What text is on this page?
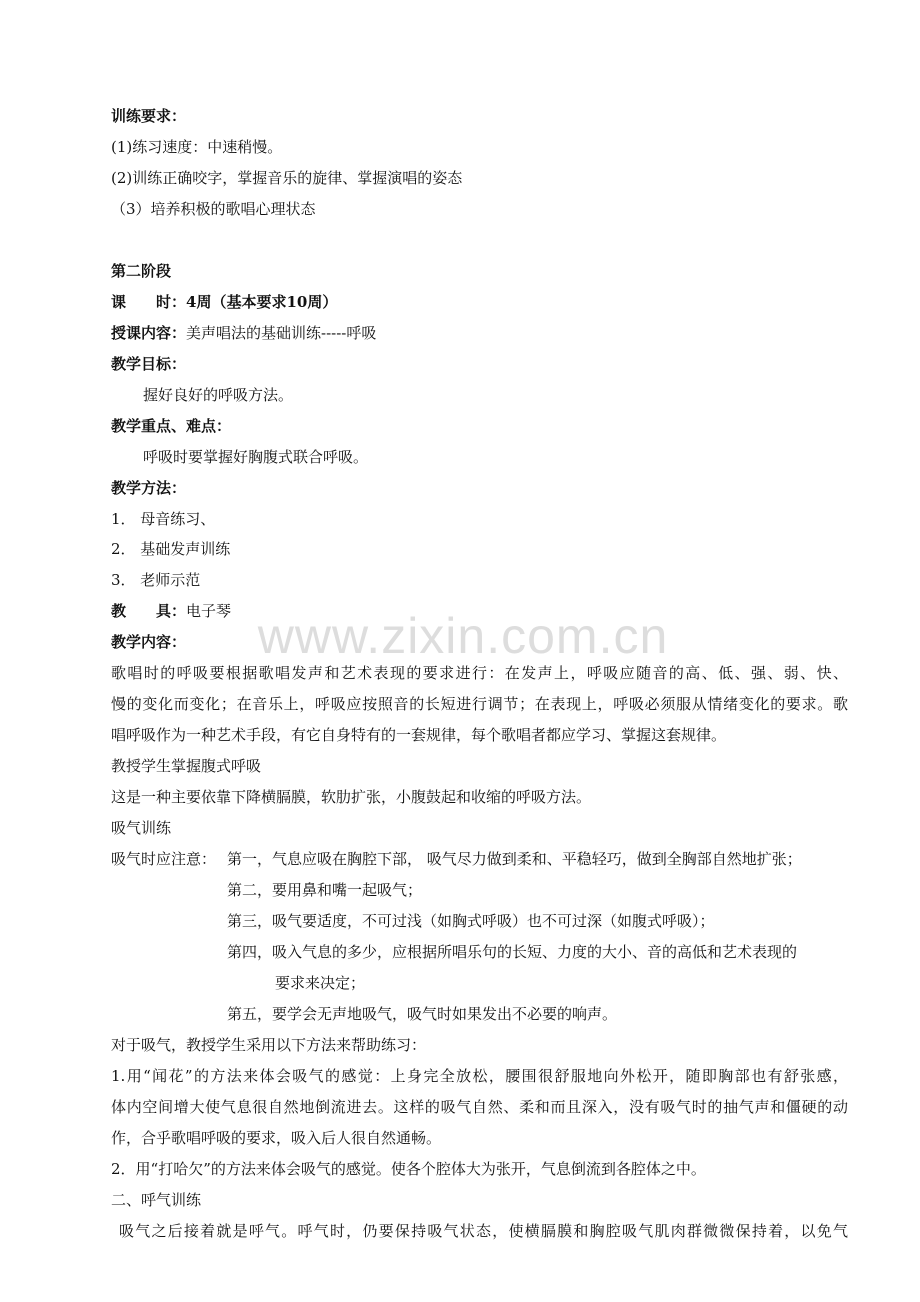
www.zixin.com.cn
训练要求：
(1)练习速度：中速稍慢。
(2)训练正确咬字，掌握音乐的旋律、掌握演唱的姿态
（3）培养积极的歌唱心理状态
第二阶段
课　　时：4周（基本要求10周）
授课内容：美声唱法的基础训练-----呼吸
教学目标：
握好良好的呼吸方法。
教学重点、难点：
呼吸时要掌握好胸腹式联合呼吸。
教学方法：
1． 母音练习、
2． 基础发声训练
3． 老师示范
教　　具：电子琴
教学内容：
歌唱时的呼吸要根据歌唱发声和艺术表现的要求进行：在发声上，呼吸应随音的高、低、强、弱、快、
慢的变化而变化；在音乐上，呼吸应按照音的长短进行调节；在表现上，呼吸必须服从情绪变化的要求。歌
唱呼吸作为一种艺术手段，有它自身特有的一套规律，每个歌唱者都应学习、掌握这套规律。
教授学生掌握腹式呼吸
这是一种主要依靠下降横膈膜，软肋扩张，小腹鼓起和收缩的呼吸方法。
吸气训练
吸气时应注意： 第一，气息应吸在胸腔下部， 吸气尽力做到柔和、平稳轻巧，做到全胸部自然地扩张；
第二，要用鼻和嘴一起吸气；
第三，吸气要适度，不可过浅（如胸式呼吸）也不可过深（如腹式呼吸）；
第四，吸入气息的多少，应根据所唱乐句的长短、力度的大小、音的高低和艺术表现的
要求来决定；
第五，要学会无声地吸气，吸气时如果发出不必要的响声。
对于吸气，教授学生采用以下方法来帮助练习：
1.用“闻花”的方法来体会吸气的感觉：上身完全放松，腰围很舒服地向外松开，随即胸部也有舒张感，
体内空间增大使气息很自然地倒流进去。这样的吸气自然、柔和而且深入，没有吸气时的抽气声和僵硬的动
作，合乎歌唱呼吸的要求，吸入后人很自然通畅。
2．用“打哈欠”的方法来体会吸气的感觉。使各个腔体大为张开，气息倒流到各腔体之中。
二、呼气训练
吸气之后接着就是呼气。呼气时，仍要保持吸气状态，使横膈膜和胸腔吸气肌肉群微微保持着，以免气
